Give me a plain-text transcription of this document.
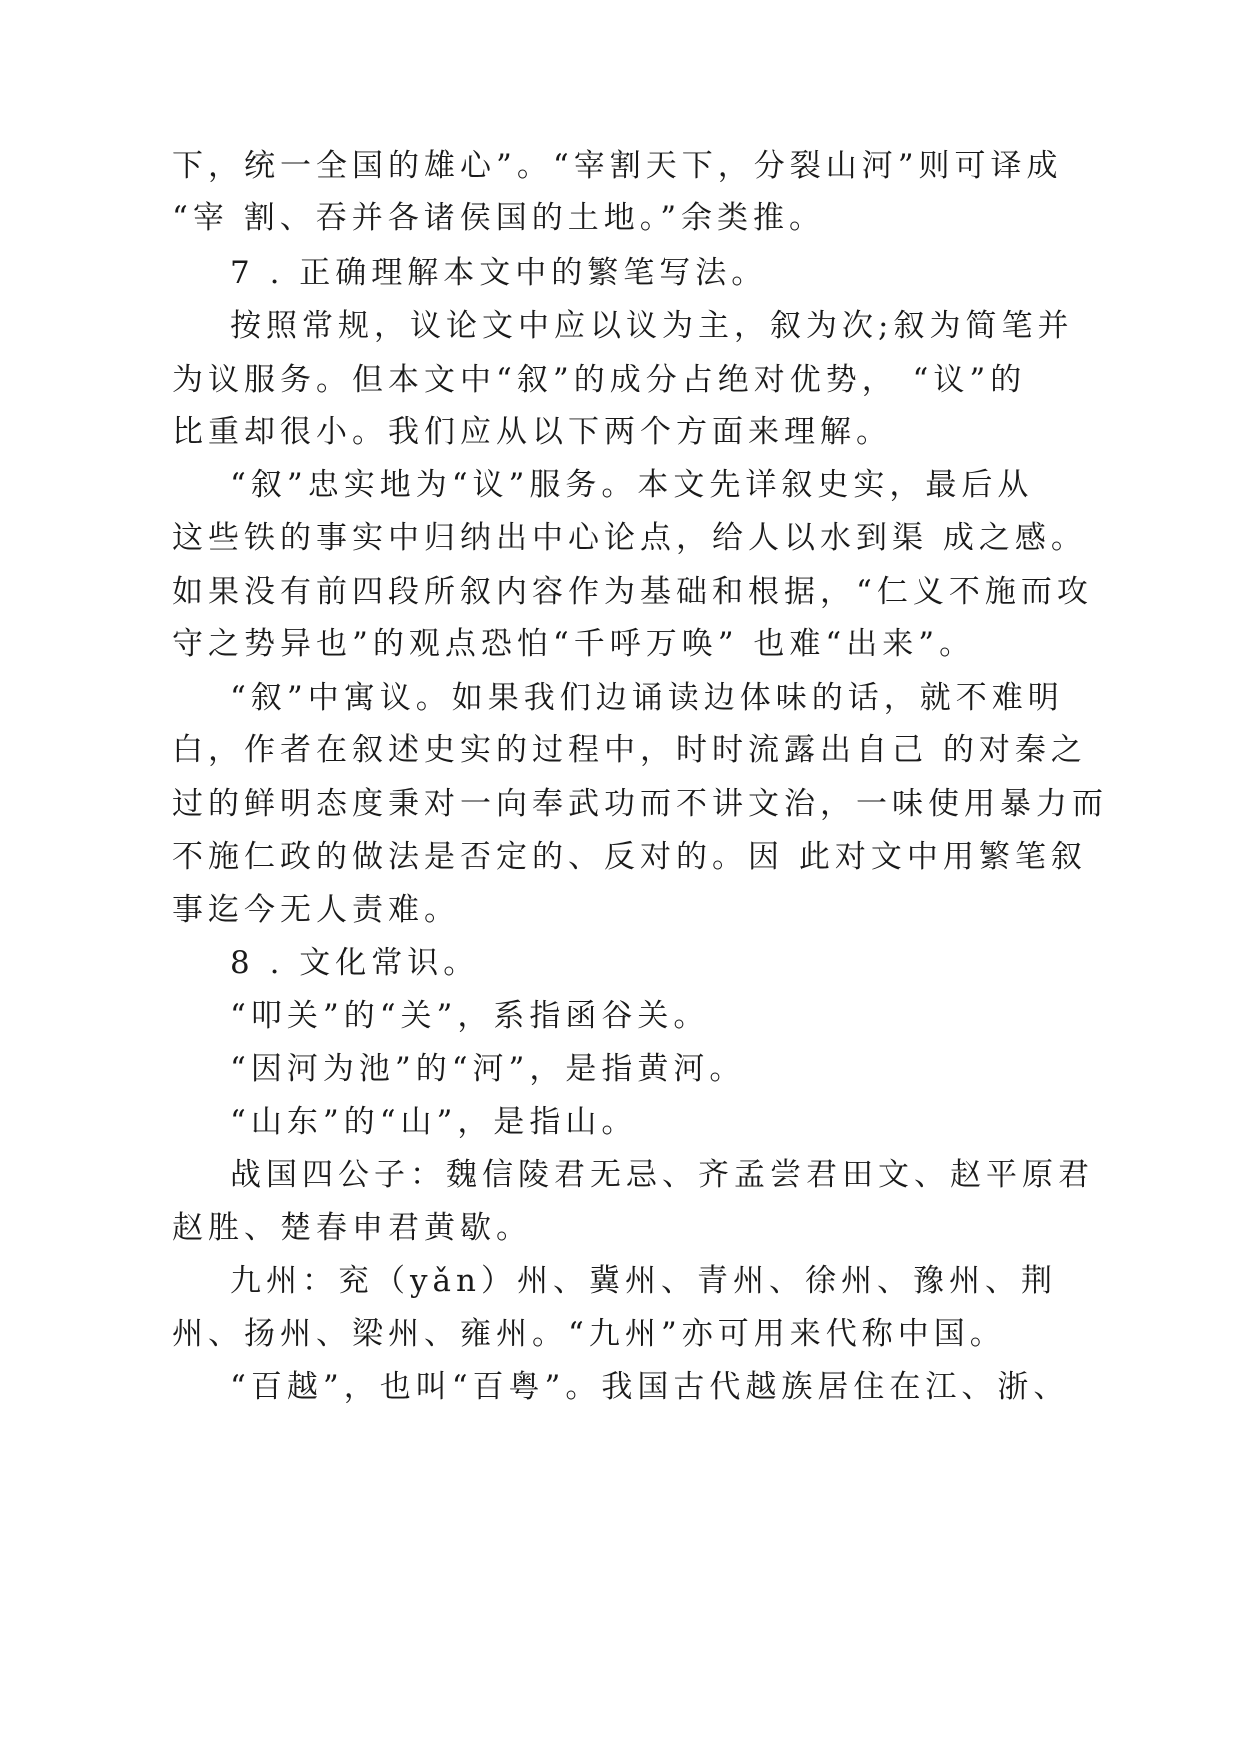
下，统一全国的雄心”。“宰割天下，分裂山河”则可译成
“宰 割、吞并各诸侯国的土地。”余类推。
7 . 正确理解本文中的繁笔写法。
按照常规，议论文中应以议为主，叙为次;叙为简笔并
为议服务。但本文中“叙”的成分占绝对优势， “议”的
比重却很小。我们应从以下两个方面来理解。
“叙”忠实地为“议”服务。本文先详叙史实，最后从
这些铁的事实中归纳出中心论点，给人以水到渠 成之感。
如果没有前四段所叙内容作为基础和根据，“仁义不施而攻
守之势异也”的观点恐怕“千呼万唤” 也难“出来”。
“叙”中寓议。如果我们边诵读边体味的话，就不难明
白，作者在叙述史实的过程中，时时流露出自己 的对秦之
过的鲜明态度秉对一向奉武功而不讲文治，一味使用暴力而
不施仁政的做法是否定的、反对的。因 此对文中用繁笔叙
事迄今无人责难。
8 . 文化常识。
“叩关”的“关”，系指函谷关。
“因河为池”的“河”，是指黄河。
“山东”的“山”，是指山。
战国四公子：魏信陵君无忌、齐孟尝君田文、赵平原君
赵胜、楚春申君黄歇。
九州：兖（yǎn）州、冀州、青州、徐州、豫州、荆
州、扬州、梁州、雍州。“九州”亦可用来代称中国。
“百越”，也叫“百粤”。我国古代越族居住在江、浙、
